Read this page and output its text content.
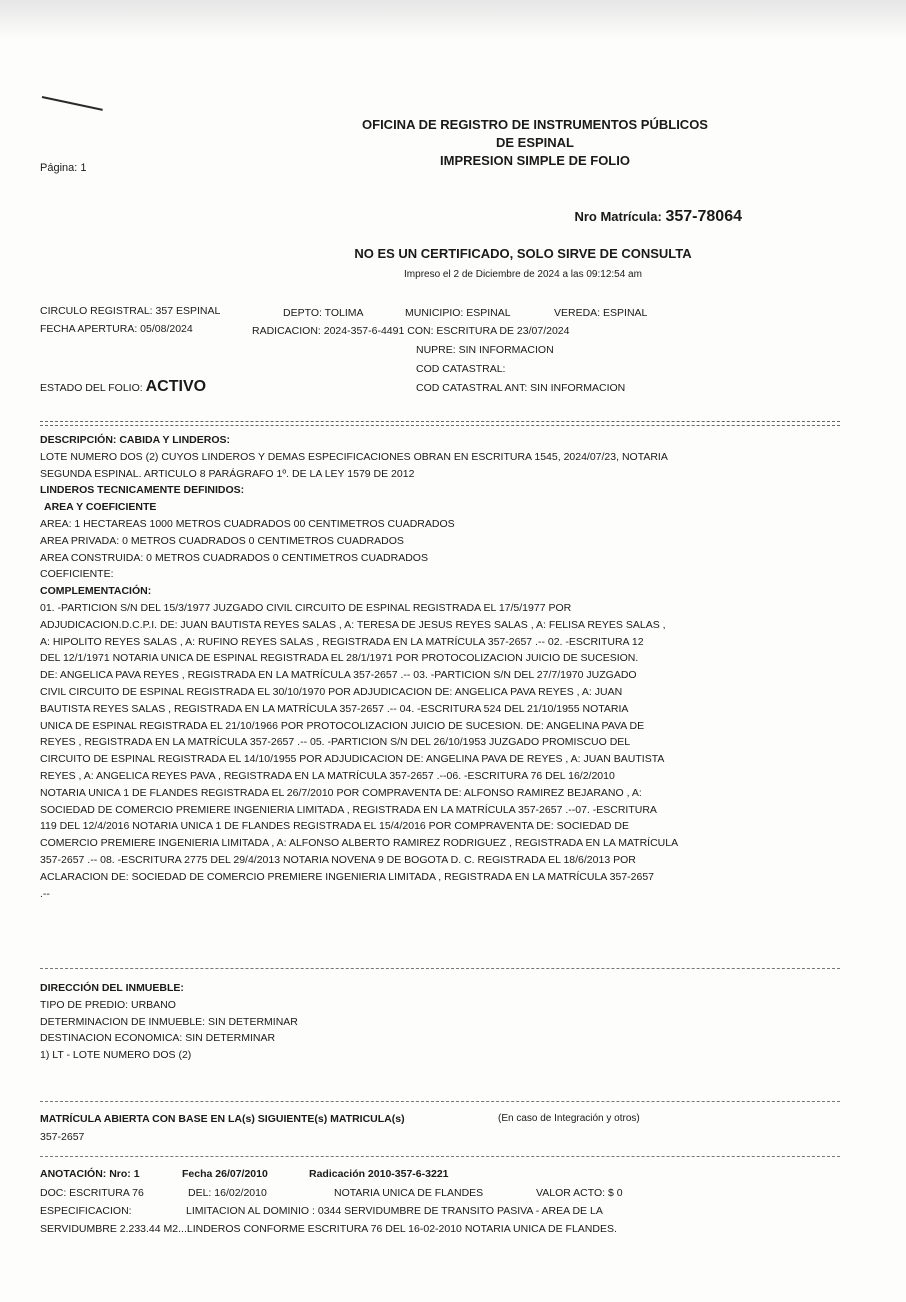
Página: 1
OFICINA DE REGISTRO DE INSTRUMENTOS PÚBLICOS
DE ESPINAL
IMPRESION SIMPLE DE FOLIO
Nro Matrícula: 357-78064
NO ES UN CERTIFICADO, SOLO SIRVE DE CONSULTA
Impreso el 2 de Diciembre de 2024 a las 09:12:54 am
CIRCULO REGISTRAL: 357 ESPINAL	DEPTO: TOLIMA	MUNICIPIO: ESPINAL	VEREDA: ESPINAL
FECHA APERTURA: 05/08/2024	RADICACION: 2024-357-6-4491 CON: ESCRITURA DE 23/07/2024
NUPRE: SIN INFORMACION
COD CATASTRAL:
ESTADO DEL FOLIO: ACTIVO	COD CATASTRAL ANT: SIN INFORMACION
DESCRIPCIÓN: CABIDA Y LINDEROS:
LOTE NUMERO DOS (2) CUYOS LINDEROS Y DEMAS ESPECIFICACIONES OBRAN EN ESCRITURA 1545, 2024/07/23, NOTARIA
SEGUNDA ESPINAL. ARTICULO 8 PARÁGRAFO 1º. DE LA LEY 1579 DE 2012
LINDEROS TECNICAMENTE DEFINIDOS:
AREA Y COEFICIENTE
AREA: 1 HECTAREAS 1000 METROS CUADRADOS 00 CENTIMETROS CUADRADOS
AREA PRIVADA: 0 METROS CUADRADOS 0 CENTIMETROS CUADRADOS
AREA CONSTRUIDA: 0 METROS CUADRADOS 0 CENTIMETROS CUADRADOS
COEFICIENTE:
COMPLEMENTACIÓN:
01. -PARTICION S/N DEL 15/3/1977 JUZGADO CIVIL CIRCUITO DE ESPINAL REGISTRADA EL 17/5/1977 POR
ADJUDICACION.D.C.P.I. DE: JUAN BAUTISTA REYES SALAS , A: TERESA DE JESUS REYES SALAS , A: FELISA REYES SALAS ,
A: HIPOLITO REYES SALAS , A: RUFINO REYES SALAS , REGISTRADA EN LA MATRÍCULA 357-2657 .-- 02. -ESCRITURA 12
DEL 12/1/1971 NOTARIA UNICA DE ESPINAL REGISTRADA EL 28/1/1971 POR PROTOCOLIZACION JUICIO DE SUCESION.
DE: ANGELICA PAVA REYES , REGISTRADA EN LA MATRÍCULA 357-2657 .-- 03. -PARTICION S/N DEL 27/7/1970 JUZGADO
CIVIL CIRCUITO DE ESPINAL REGISTRADA EL 30/10/1970 POR ADJUDICACION DE: ANGELICA PAVA REYES , A: JUAN
BAUTISTA REYES SALAS , REGISTRADA EN LA MATRÍCULA 357-2657 .-- 04. -ESCRITURA 524 DEL 21/10/1955 NOTARIA
UNICA DE ESPINAL REGISTRADA EL 21/10/1966 POR PROTOCOLIZACION JUICIO DE SUCESION. DE: ANGELINA PAVA DE
REYES , REGISTRADA EN LA MATRÍCULA 357-2657 .-- 05. -PARTICION S/N DEL 26/10/1953 JUZGADO PROMISCUO DEL
CIRCUITO DE ESPINAL REGISTRADA EL 14/10/1955 POR ADJUDICACION DE: ANGELINA PAVA DE REYES , A: JUAN BAUTISTA
REYES , A: ANGELICA REYES PAVA , REGISTRADA EN LA MATRÍCULA 357-2657 .--06. -ESCRITURA 76 DEL 16/2/2010
NOTARIA UNICA 1 DE FLANDES REGISTRADA EL 26/7/2010 POR COMPRAVENTA DE: ALFONSO RAMIREZ BEJARANO , A:
SOCIEDAD DE COMERCIO PREMIERE INGENIERIA LIMITADA , REGISTRADA EN LA MATRÍCULA 357-2657 .--07. -ESCRITURA
119 DEL 12/4/2016 NOTARIA UNICA 1 DE FLANDES REGISTRADA EL 15/4/2016 POR COMPRAVENTA DE: SOCIEDAD DE
COMERCIO PREMIERE INGENIERIA LIMITADA , A: ALFONSO ALBERTO RAMIREZ RODRIGUEZ , REGISTRADA EN LA MATRÍCULA
357-2657 .-- 08. -ESCRITURA 2775 DEL 29/4/2013 NOTARIA NOVENA 9 DE BOGOTA D. C. REGISTRADA EL 18/6/2013 POR
ACLARACION DE: SOCIEDAD DE COMERCIO PREMIERE INGENIERIA LIMITADA , REGISTRADA EN LA MATRÍCULA 357-2657
.--
DIRECCIÓN DEL INMUEBLE:
TIPO DE PREDIO: URBANO
DETERMINACION DE INMUEBLE: SIN DETERMINAR
DESTINACION ECONOMICA: SIN DETERMINAR
1) LT - LOTE NUMERO DOS (2)
MATRÍCULA ABIERTA CON BASE EN LA(s) SIGUIENTE(s) MATRICULA(s)	(En caso de Integración y otros)
357-2657
ANOTACIÓN: Nro: 1	Fecha 26/07/2010	Radicación 2010-357-6-3221
DOC: ESCRITURA 76	DEL: 16/02/2010	NOTARIA UNICA DE FLANDES	VALOR ACTO: $ 0
ESPECIFICACION:	LIMITACION AL DOMINIO : 0344 SERVIDUMBRE DE TRANSITO PASIVA - AREA DE LA
SERVIDUMBRE 2.233.44 M2...LINDEROS CONFORME ESCRITURA 76 DEL 16-02-2010 NOTARIA UNICA DE FLANDES.
